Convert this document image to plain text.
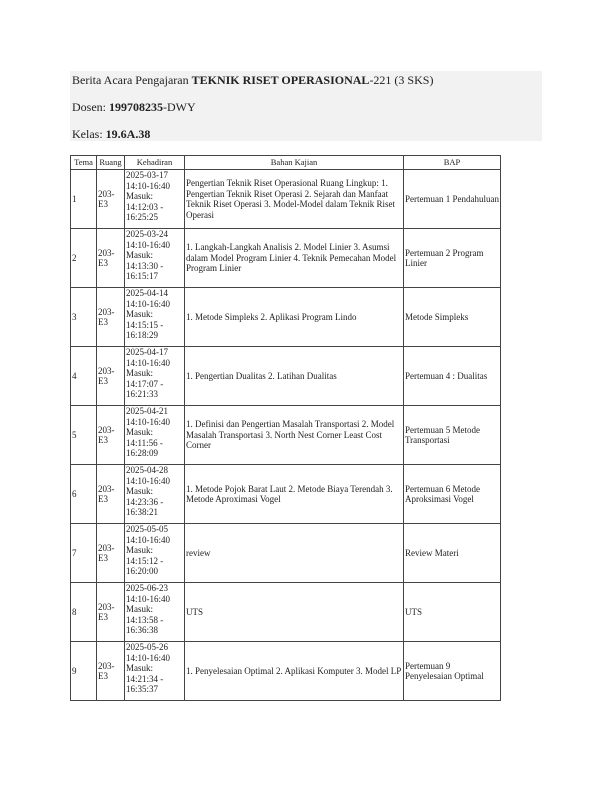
Berita Acara Pengajaran TEKNIK RISET OPERASIONAL-221 (3 SKS)
Dosen: 199708235-DWY
Kelas: 19.6A.38
Tema	Ruang	Kehadiran	Bahan Kajian	BAP
1	203-E3	2025-03-17
14:10-16:40
Masuk:
14:12:03 -
16:25:25	Pengertian Teknik Riset Operasional Ruang Lingkup: 1. Pengertian Teknik Riset Operasi 2. Sejarah dan Manfaat Teknik Riset Operasi 3. Model-Model dalam Teknik Riset Operasi	Pertemuan 1 Pendahuluan
2	203-E3	2025-03-24
14:10-16:40
Masuk:
14:13:30 -
16:15:17	1. Langkah-Langkah Analisis 2. Model Linier 3. Asumsi dalam Model Program Linier 4. Teknik Pemecahan Model Program Linier	Pertemuan 2 Program Linier
3	203-E3	2025-04-14
14:10-16:40
Masuk:
14:15:15 -
16:18:29	1. Metode Simpleks 2. Aplikasi Program Lindo	Metode Simpleks
4	203-E3	2025-04-17
14:10-16:40
Masuk:
14:17:07 -
16:21:33	1. Pengertian Dualitas 2. Latihan Dualitas	Pertemuan 4 : Dualitas
5	203-E3	2025-04-21
14:10-16:40
Masuk:
14:11:56 -
16:28:09	1. Definisi dan Pengertian Masalah Transportasi 2. Model Masalah Transportasi 3. North Nest Corner Least Cost Corner	Pertemuan 5 Metode Transportasi
6	203-E3	2025-04-28
14:10-16:40
Masuk:
14:23:36 -
16:38:21	1. Metode Pojok Barat Laut 2. Metode Biaya Terendah 3. Metode Aproximasi Vogel	Pertemuan 6 Metode Aproksimasi Vogel
7	203-E3	2025-05-05
14:10-16:40
Masuk:
14:15:12 -
16:20:00	review	Review Materi
8	203-E3	2025-06-23
14:10-16:40
Masuk:
14:13:58 -
16:36:38	UTS	UTS
9	203-E3	2025-05-26
14:10-16:40
Masuk:
14:21:34 -
16:35:37	1. Penyelesaian Optimal 2. Aplikasi Komputer 3. Model LP	Pertemuan 9 Penyelesaian Optimal
